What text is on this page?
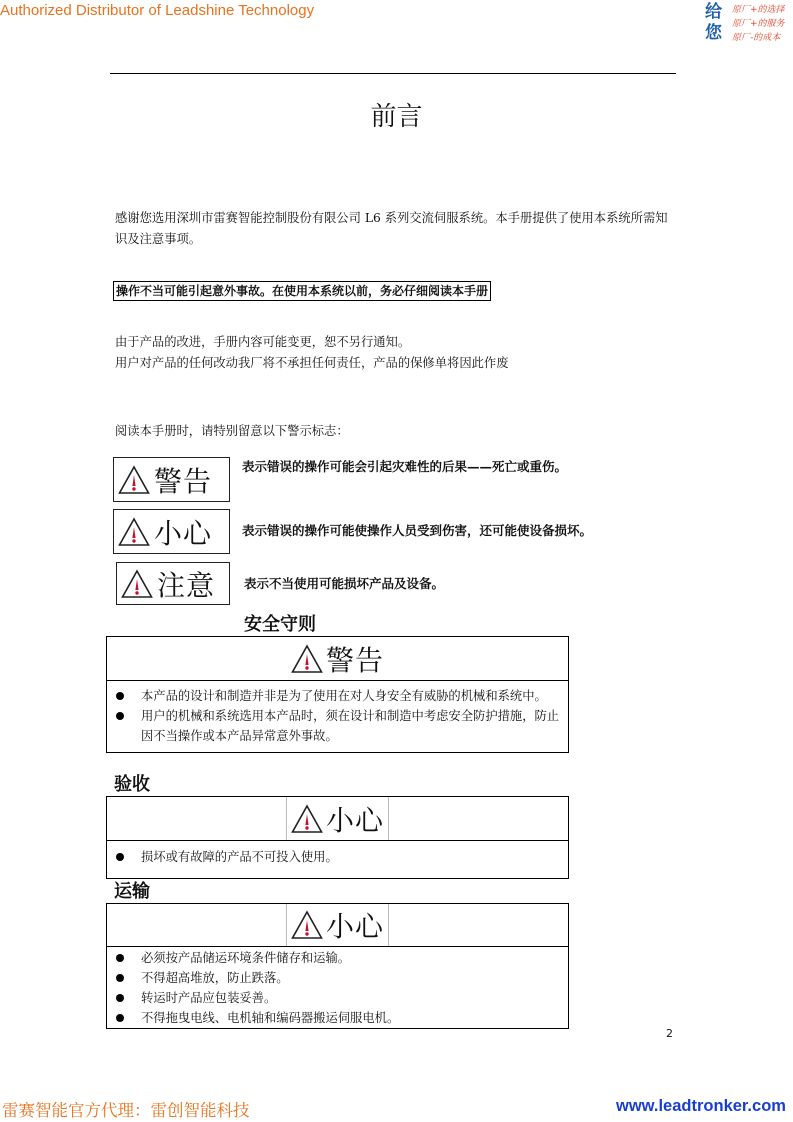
Authorized Distributor of Leadshine Technology	给
您
原厂+的选择
原厂+的服务
原厂-的成本
前言
感谢您选用深圳市雷赛智能控制股份有限公司 L6 系列交流伺服系统。本手册提供了使用本系统所需知识及注意事项。
操作不当可能引起意外事故。在使用本系统以前，务必仔细阅读本手册
由于产品的改进，手册内容可能变更，恕不另行通知。
用户对产品的任何改动我厂将不承担任何责任，产品的保修单将因此作废
阅读本手册时，请特别留意以下警示标志：
警告 表示错误的操作可能会引起灾难性的后果——死亡或重伤。
小心 表示错误的操作可能使操作人员受到伤害，还可能使设备损坏。
注意 表示不当使用可能损坏产品及设备。
安全守则
警告
本产品的设计和制造并非是为了使用在对人身安全有威胁的机械和系统中。
用户的机械和系统选用本产品时，须在设计和制造中考虑安全防护措施，防止因不当操作或本产品异常意外事故。
验收
小心
损坏或有故障的产品不可投入使用。
运输
小心
必须按产品储运环境条件储存和运输。
不得超高堆放，防止跌落。
转运时产品应包装妥善。
不得拖曳电线、电机轴和编码器搬运伺服电机。
2
雷赛智能官方代理：雷创智能科技	www.leadtronker.com
